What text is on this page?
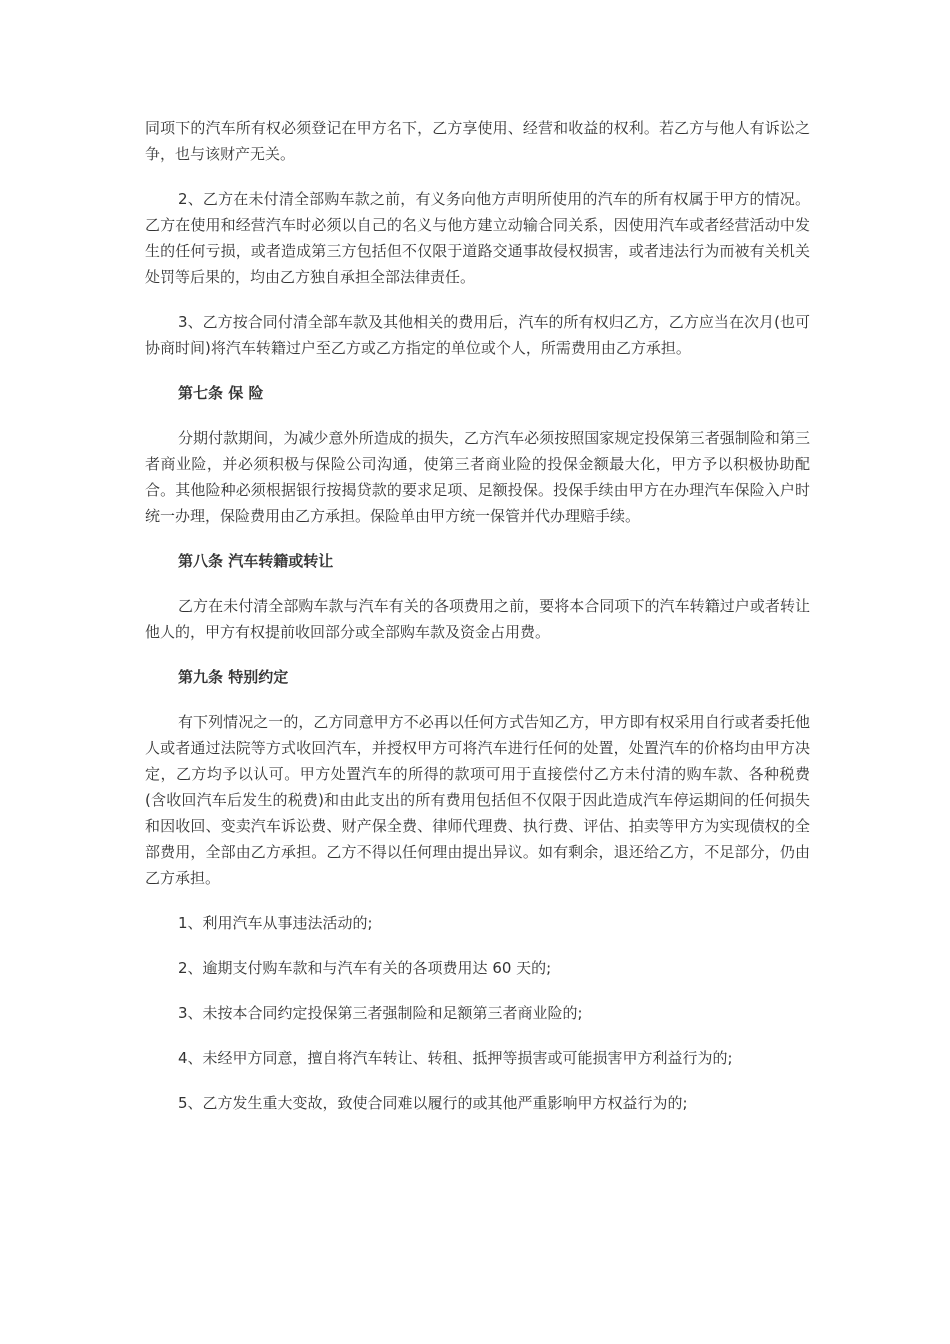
同项下的汽车所有权必须登记在甲方名下，乙方享使用、经营和收益的权利。若乙方与他人有诉讼之争，也与该财产无关。

2、乙方在未付清全部购车款之前，有义务向他方声明所使用的汽车的所有权属于甲方的情况。乙方在使用和经营汽车时必须以自己的名义与他方建立动输合同关系，因使用汽车或者经营活动中发生的任何亏损，或者造成第三方包括但不仅限于道路交通事故侵权损害，或者违法行为而被有关机关处罚等后果的，均由乙方独自承担全部法律责任。

3、乙方按合同付清全部车款及其他相关的费用后，汽车的所有权归乙方，乙方应当在次月(也可协商时间)将汽车转籍过户至乙方或乙方指定的单位或个人，所需费用由乙方承担。

第七条 保 险

分期付款期间，为减少意外所造成的损失，乙方汽车必须按照国家规定投保第三者强制险和第三者商业险，并必须积极与保险公司沟通，使第三者商业险的投保金额最大化，甲方予以积极协助配合。其他险种必须根据银行按揭贷款的要求足项、足额投保。投保手续由甲方在办理汽车保险入户时统一办理，保险费用由乙方承担。保险单由甲方统一保管并代办理赔手续。

第八条 汽车转籍或转让

乙方在未付清全部购车款与汽车有关的各项费用之前，要将本合同项下的汽车转籍过户或者转让他人的，甲方有权提前收回部分或全部购车款及资金占用费。

第九条 特别约定

有下列情况之一的，乙方同意甲方不必再以任何方式告知乙方，甲方即有权采用自行或者委托他人或者通过法院等方式收回汽车，并授权甲方可将汽车进行任何的处置，处置汽车的价格均由甲方决定，乙方均予以认可。甲方处置汽车的所得的款项可用于直接偿付乙方未付清的购车款、各种税费(含收回汽车后发生的税费)和由此支出的所有费用包括但不仅限于因此造成汽车停运期间的任何损失和因收回、变卖汽车诉讼费、财产保全费、律师代理费、执行费、评估、拍卖等甲方为实现债权的全部费用，全部由乙方承担。乙方不得以任何理由提出异议。如有剩余，退还给乙方，不足部分，仍由乙方承担。

1、利用汽车从事违法活动的;

2、逾期支付购车款和与汽车有关的各项费用达 60 天的;

3、未按本合同约定投保第三者强制险和足额第三者商业险的;

4、未经甲方同意，擅自将汽车转让、转租、抵押等损害或可能损害甲方利益行为的;

5、乙方发生重大变故，致使合同难以履行的或其他严重影响甲方权益行为的;
